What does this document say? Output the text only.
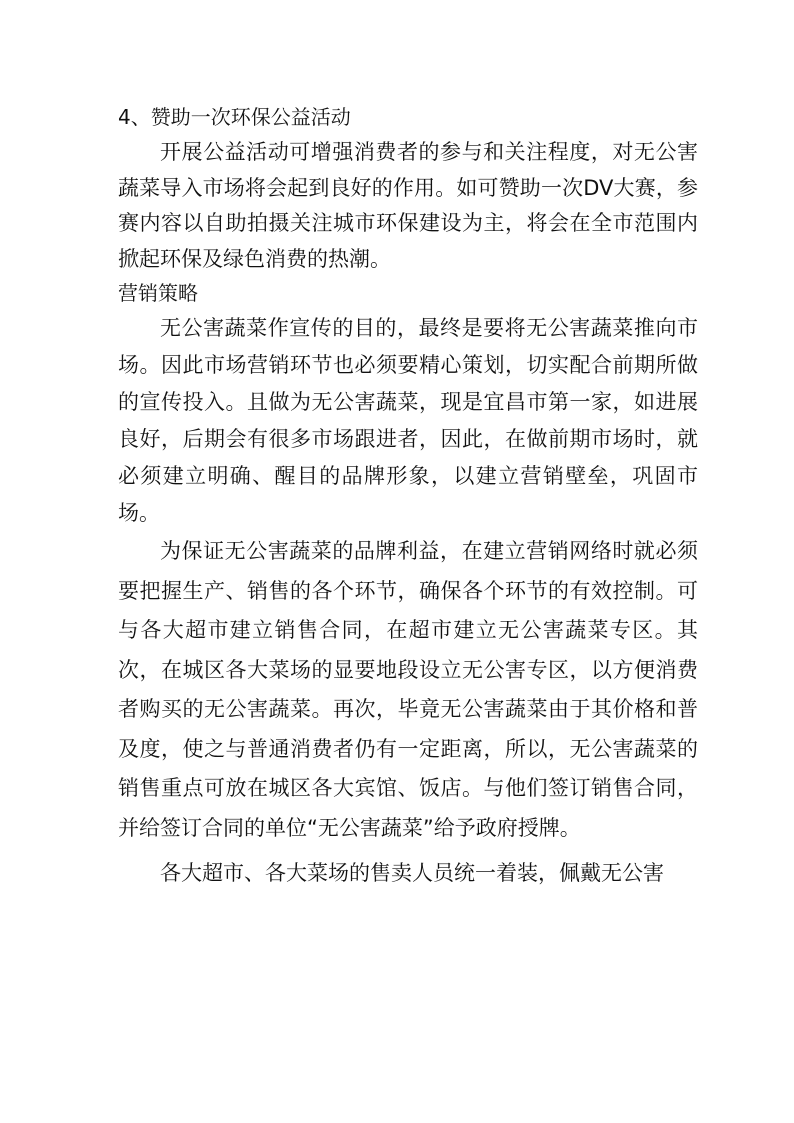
4、赞助一次环保公益活动

开展公益活动可增强消费者的参与和关注程度，对无公害蔬菜导入市场将会起到良好的作用。如可赞助一次DV大赛，参赛内容以自助拍摄关注城市环保建设为主，将会在全市范围内掀起环保及绿色消费的热潮。

营销策略

无公害蔬菜作宣传的目的，最终是要将无公害蔬菜推向市场。因此市场营销环节也必须要精心策划，切实配合前期所做的宣传投入。且做为无公害蔬菜，现是宜昌市第一家，如进展良好，后期会有很多市场跟进者，因此，在做前期市场时，就必须建立明确、醒目的品牌形象，以建立营销壁垒，巩固市场。

为保证无公害蔬菜的品牌利益，在建立营销网络时就必须要把握生产、销售的各个环节，确保各个环节的有效控制。可与各大超市建立销售合同，在超市建立无公害蔬菜专区。其次，在城区各大菜场的显要地段设立无公害专区，以方便消费者购买的无公害蔬菜。再次，毕竟无公害蔬菜由于其价格和普及度，使之与普通消费者仍有一定距离，所以，无公害蔬菜的销售重点可放在城区各大宾馆、饭店。与他们签订销售合同，并给签订合同的单位“无公害蔬菜”给予政府授牌。

各大超市、各大菜场的售卖人员统一着装，佩戴无公害
